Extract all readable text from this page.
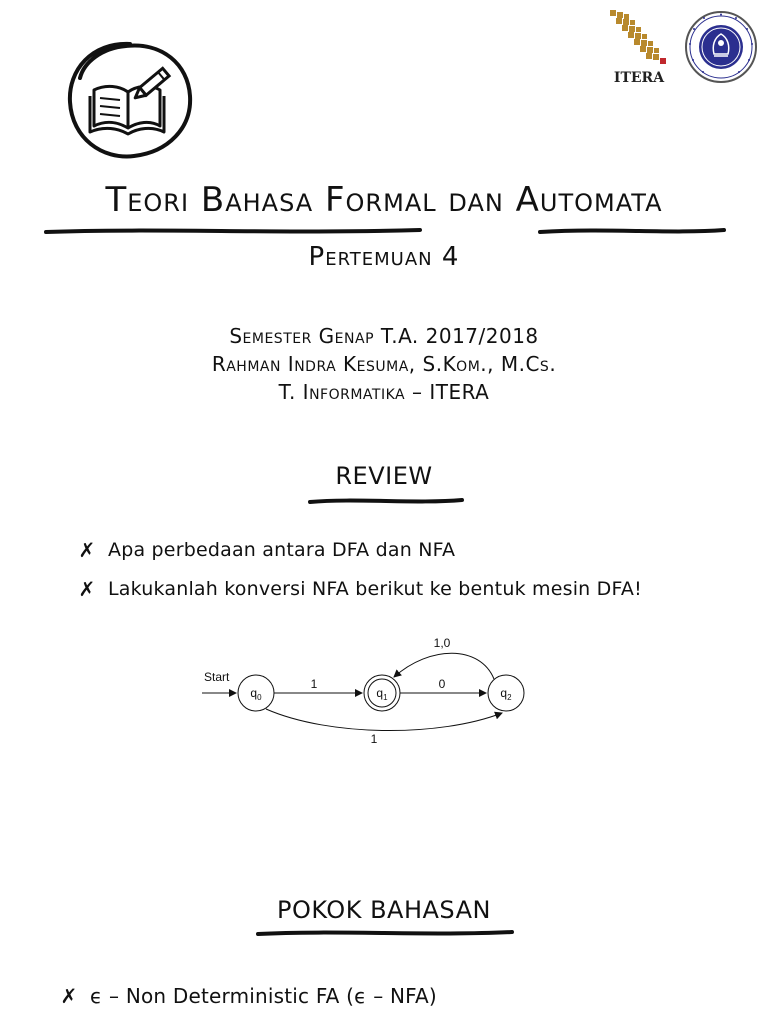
ITERA
Teori Bahasa Formal dan Automata
Pertemuan 4
Semester Genap T.A. 2017/2018
Rahman Indra Kesuma, S.Kom., M.Cs.
T. Informatika – ITERA
REVIEW
✗ Apa perbedaan antara DFA dan NFA
✗ Lakukanlah konversi NFA berikut ke bentuk mesin DFA!
Start
$q_0$	$q_1$	$q_2$
1	0
1,0
1
POKOK BAHASAN
✗ ϵ – Non Deterministic FA (ϵ – NFA)
